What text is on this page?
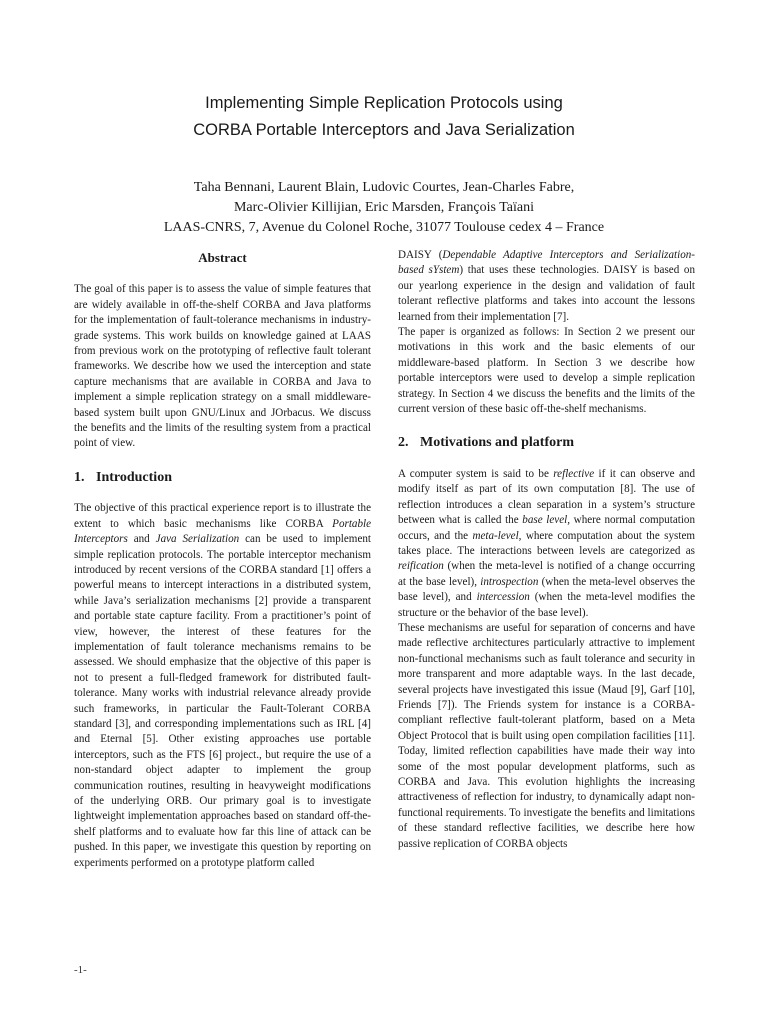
Implementing Simple Replication Protocols using
CORBA Portable Interceptors and Java Serialization
Taha Bennani, Laurent Blain, Ludovic Courtes, Jean-Charles Fabre,
Marc-Olivier Killijian, Eric Marsden, François Taïani
LAAS-CNRS, 7, Avenue du Colonel Roche, 31077 Toulouse cedex 4 – France
Abstract

The goal of this paper is to assess the value of simple features that are widely available in off-the-shelf CORBA and Java platforms for the implementation of fault-tolerance mechanisms in industry-grade systems. This work builds on knowledge gained at LAAS from previous work on the prototyping of reflective fault tolerant frameworks. We describe how we used the interception and state capture mechanisms that are available in CORBA and Java to implement a simple replication strategy on a small middleware-based system built upon GNU/Linux and JOrbacus. We discuss the benefits and the limits of the resulting system from a practical point of view.

1. Introduction

The objective of this practical experience report is to illustrate the extent to which basic mechanisms like CORBA Portable Interceptors and Java Serialization can be used to implement simple replication protocols. The portable interceptor mechanism introduced by recent versions of the CORBA standard [1] offers a powerful means to intercept interactions in a distributed system, while Java’s serialization mechanisms [2] provide a transparent and portable state capture facility. From a practitioner’s point of view, however, the interest of these features for the implementation of fault tolerance mechanisms remains to be assessed. We should emphasize that the objective of this paper is not to present a full-fledged framework for distributed fault-tolerance. Many works with industrial relevance already provide such frameworks, in particular the Fault-Tolerant CORBA standard [3], and corresponding implementations such as IRL [4] and Eternal [5]. Other existing approaches use portable interceptors, such as the FTS [6] project., but require the use of a non-standard object adapter to implement the group communication routines, resulting in heavyweight modifications of the underlying ORB. Our primary goal is to investigate lightweight implementation approaches based on standard off-the-shelf platforms and to evaluate how far this line of attack can be pushed. In this paper, we investigate this question by reporting on experiments performed on a prototype platform called

DAISY (Dependable Adaptive Interceptors and Serialization-based sYstem) that uses these technologies. DAISY is based on our yearlong experience in the design and validation of fault tolerant reflective platforms and takes into account the lessons learned from their implementation [7].

The paper is organized as follows: In Section 2 we present our motivations in this work and the basic elements of our middleware-based platform. In Section 3 we describe how portable interceptors were used to develop a simple replication strategy. In Section 4 we discuss the benefits and the limits of the current version of these basic off-the-shelf mechanisms.

2. Motivations and platform

A computer system is said to be reflective if it can observe and modify itself as part of its own computation [8]. The use of reflection introduces a clean separation in a system’s structure between what is called the base level, where normal computation occurs, and the meta-level, where computation about the system takes place. The interactions between levels are categorized as reification (when the meta-level is notified of a change occurring at the base level), introspection (when the meta-level observes the base level), and intercession (when the meta-level modifies the structure or the behavior of the base level).

These mechanisms are useful for separation of concerns and have made reflective architectures particularly attractive to implement non-functional mechanisms such as fault tolerance and security in more transparent and more adaptable ways. In the last decade, several projects have investigated this issue (Maud [9], Garf [10], Friends [7]). The Friends system for instance is a CORBA-compliant reflective fault-tolerant platform, based on a Meta Object Protocol that is built using open compilation facilities [11]. Today, limited reflection capabilities have made their way into some of the most popular development platforms, such as CORBA and Java. This evolution highlights the increasing attractiveness of reflection for industry, to dynamically adapt non-functional requirements. To investigate the benefits and limitations of these standard reflective facilities, we describe here how passive replication of CORBA objects

-1-
